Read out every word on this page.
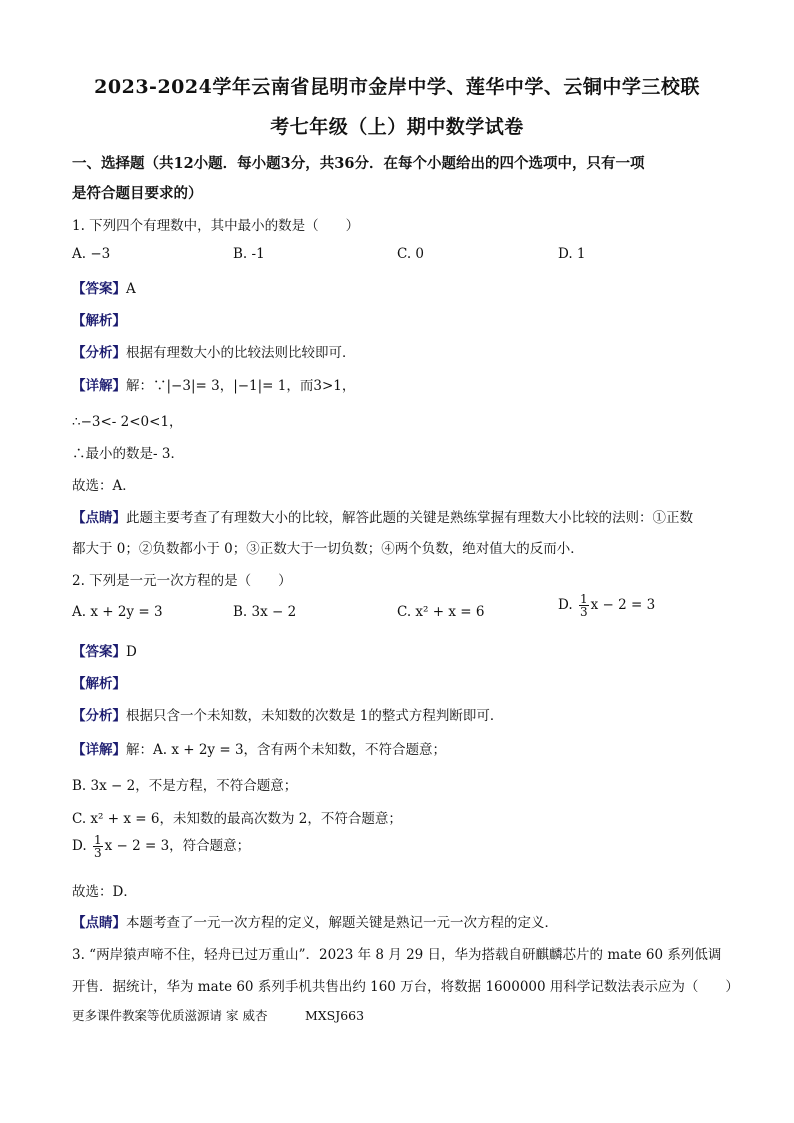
2023-2024学年云南省昆明市金岸中学、莲华中学、云铜中学三校联
考七年级（上）期中数学试卷
一、选择题（共12小题．每小题3分，共36分．在每个小题给出的四个选项中，只有一项
是符合题目要求的）
1. 下列四个有理数中，其中最小的数是（　　）
A. −3	B. -1	C. 0	D. 1
【答案】A
【解析】
【分析】根据有理数大小的比较法则比较即可．
【详解】解：∵|−3|= 3，|−1|= 1，而3>1，
∴−3<- 2<0<1，
∴最小的数是- 3．
故选：A．
【点睛】此题主要考查了有理数大小的比较，解答此题的关键是熟练掌握有理数大小比较的法则：①正数
都大于 0；②负数都小于 0；③正数大于一切负数；④两个负数，绝对值大的反而小．
2. 下列是一元一次方程的是（　　）
A. x + 2y = 3	B. 3x − 2	C. x² + x = 6	D. $\frac{1}{3}$ x − 2 = 3
【答案】D
【解析】
【分析】根据只含一个未知数，未知数的次数是 1的整式方程判断即可．
【详解】解：A. x + 2y = 3，含有两个未知数，不符合题意；
B. 3x − 2，不是方程，不符合题意；
C. x² + x = 6，未知数的最高次数为 2，不符合题意；
D. $\frac{1}{3}$ x − 2 = 3，符合题意；
故选：D．
【点睛】本题考查了一元一次方程的定义，解题关键是熟记一元一次方程的定义．
3. “两岸猿声啼不住，轻舟已过万重山”．2023 年 8 月 29 日，华为搭载自研麒麟芯片的 mate 60 系列低调
开售．据统计，华为 mate 60 系列手机共售出约 160 万台，将数据 1600000 用科学记数法表示应为（　　）
更多课件教案等优质滋源请 家 威杏　　　MXSJ663
